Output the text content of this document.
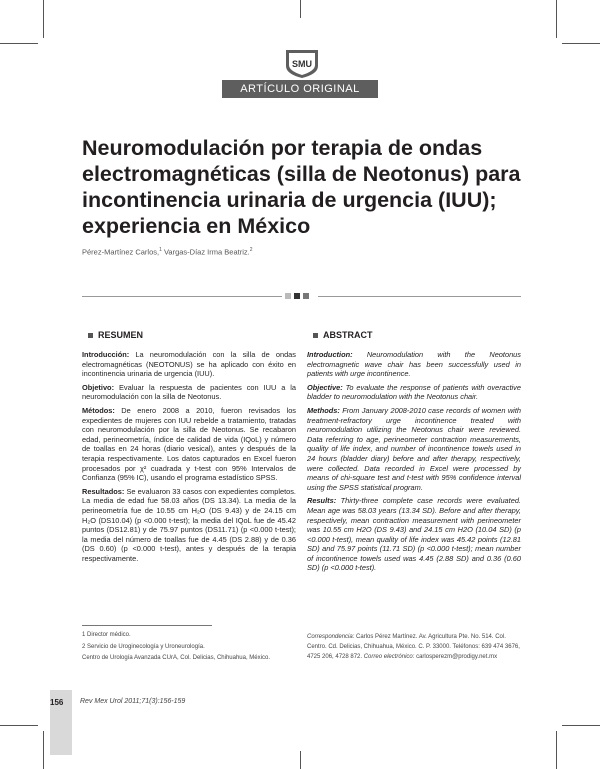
SMU
ARTÍCULO ORIGINAL
Neuromodulación por terapia de ondas electromagnéticas (silla de Neotonus) para incontinencia urinaria de urgencia (IUU); experiencia en México
Pérez-Martínez Carlos,$^1$ Vargas-Díaz Irma Beatriz.$^2$
RESUMEN

Introducción: La neuromodulación con la silla de ondas electromagnéticas (NEOTONUS) se ha aplicado con éxito en incontinencia urinaria de urgencia (IUU).

Objetivo: Evaluar la respuesta de pacientes con IUU a la neuromodulación con la silla de Neotonus.

Métodos: De enero 2008 a 2010, fueron revisados los expedientes de mujeres con IUU rebelde a tratamiento, tratadas con neuromodulación por la silla de Neotonus. Se recabaron edad, perineometría, índice de calidad de vida (IQoL) y número de toallas en 24 horas (diario vesical), antes y después de la terapia respectivamente. Los datos capturados en Excel fueron procesados por χ² cuadrada y t-test con 95% Intervalos de Confianza (95% IC), usando el programa estadístico SPSS.

Resultados: Se evaluaron 33 casos con expedientes completos. La media de edad fue 58.03 años (DS 13.34). La media de la perineometría fue de 10.55 cm H₂O (DS 9.43) y de 24.15 cm H₂O (DS10.04) (p <0.000 t-test); la media del IQoL fue de 45.42 puntos (DS12.81) y de 75.97 puntos (DS11.71) (p <0.000 t-test); la media del número de toallas fue de 4.45 (DS 2.88) y de 0.36 (DS 0.60) (p <0.000 t-test), antes y después de la terapia respectivamente.

ABSTRACT

Introduction: Neuromodulation with the Neotonus electromagnetic wave chair has been successfully used in patients with urge incontinence.

Objective: To evaluate the response of patients with overactive bladder to neuromodulation with the Neotonus chair.

Methods: From January 2008-2010 case records of women with treatment-refractory urge incontinence treated with neuromodulation utilizing the Neotonus chair were reviewed. Data referring to age, perineometer contraction measurements, quality of life index, and number of incontinence towels used in 24 hours (bladder diary) before and after therapy, respectively, were collected. Data recorded in Excel were processed by means of chi-square test and t-test with 95% confidence interval using the SPSS statistical program.

Results: Thirty-three complete case records were evaluated. Mean age was 58.03 years (13.34 SD). Before and after therapy, respectively, mean contraction measurement with perineometer was 10.55 cm H2O (DS 9.43) and 24.15 cm H2O (10.04 SD) (p <0.000 t-test), mean quality of life index was 45.42 points (12.81 SD) and 75.97 points (11.71 SD) (p <0.000 t-test); mean number of incontinence towels used was 4.45 (2.88 SD) and 0.36 (0.60 SD) (p <0.000 t-test).

1 Director médico.
2 Servicio de Uroginecología y Uroneurología.
Centro de Urología Avanzada CUrA, Col. Delicias, Chihuahua, México.
Correspondencia: Carlos Pérez Martínez. Av. Agricultura Pte. No. 514. Col. Centro. Cd. Delicias, Chihuahua, México. C. P. 33000. Teléfonos: 639 474 3676, 4725 206, 4728 872. Correo electrónico: carlosperezm@prodigy.net.mx
156 Rev Mex Urol 2011;71(3):156-159
